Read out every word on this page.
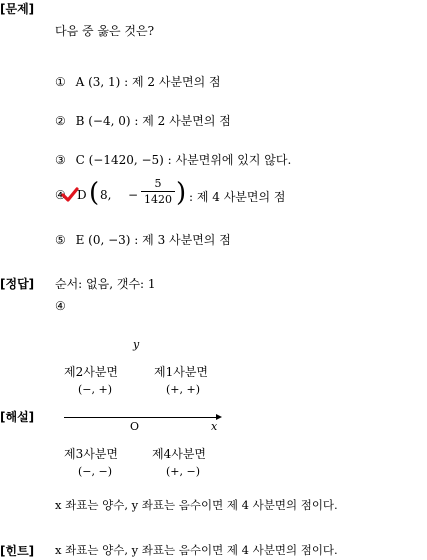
[문제]
다음 중 옳은 것은?
① A (3, 1) : 제 2 사분면의 점
② B (−4, 0) : 제 2 사분면의 점
③ C (−1420, −5) : 사분면위에 있지 않다.
④ D ( 8, −
5
1420 ) : 제 4 사분면의 점
⑤ E (0, −3) : 제 3 사분면의 점
[정답] 순서: 없음, 갯수: 1
④
[해설]
y
제2사분면
(−, +)
제1사분면
(+, +)
O	x
제3사분면
(−, −)
제4사분면
(+, −)
x 좌표는 양수, y 좌표는 음수이면 제 4 사분면의 점이다.
[힌트] x 좌표는 양수, y 좌표는 음수이면 제 4 사분면의 점이다.
